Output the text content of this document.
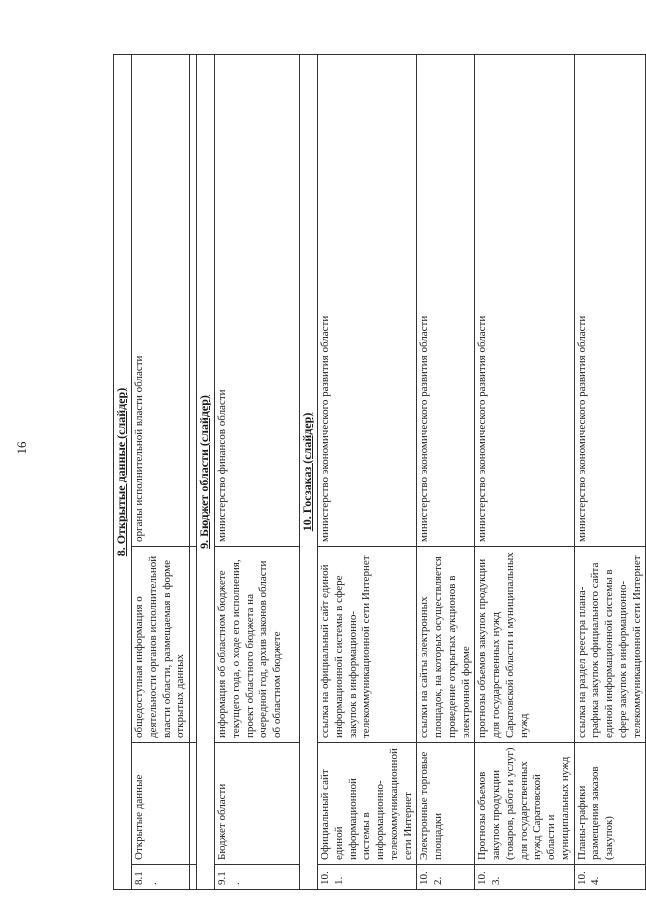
16	8. Открытые данные (слайдер)			
8.1.	Открытые данные	общедоступная информация о деятельности органов исполнительной власти области, размещаемая в форме открытых данных	органы исполнительной власти области

9. Бюджет области (слайдер)			
9.1.	Бюджет области	информация об областном бюджете текущего года, о ходе его исполнения, проект областного бюджета на очередной год, архив законов области об областном бюджете	министерство финансов области
10. Госзаказ (слайдер)			
10.1.	Официальный сайт единой информационной системы в информационно-телекоммуникационной сети Интернет	ссылка на официальный сайт единой информационной системы в сфере закупок в информационно-телекоммуникационной сети Интернет	министерство экономического развития области
10.2.	Электронные торговые площадки	ссылки на сайты электронных площадок, на которых осуществляется проведение открытых аукционов в электронной форме	министерство экономического развития области
10.3.	Прогнозы объемов закупок продукции (товаров, работ и услуг) для государственных нужд Саратовской области и муниципальных нужд	прогнозы объемов закупок продукции для государственных нужд Саратовской области и муниципальных нужд	министерство экономического развития области
10.4.	Планы-графики размещения заказов (закупок)	ссылка на раздел реестра плана-графика закупок официального сайта единой информационной системы в сфере закупок в информационно-телекоммуникационной сети Интернет	министерство экономического развития области
